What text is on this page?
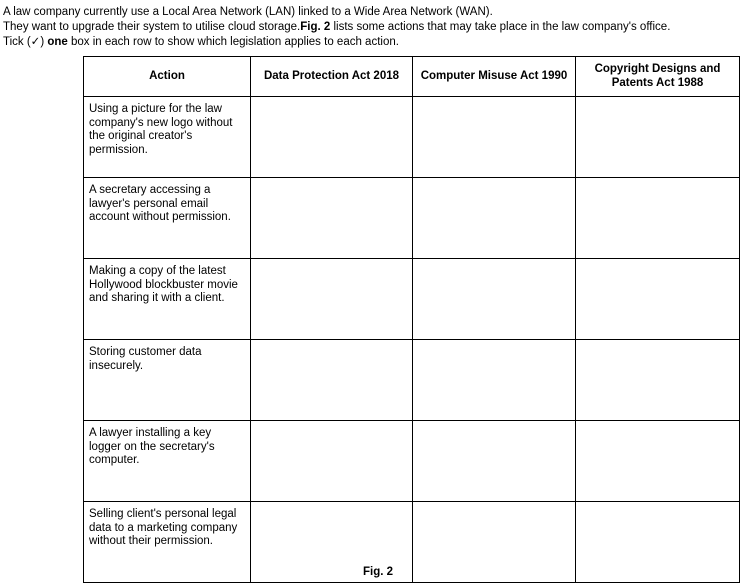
A law company currently use a Local Area Network (LAN) linked to a Wide Area Network (WAN).

They want to upgrade their system to utilise cloud storage.Fig. 2 lists some actions that may take place in the law company's office.

Tick (✓) one box in each row to show which legislation applies to each action.

Action	Data Protection Act 2018	Computer Misuse Act 1990	Copyright Designs and Patents Act 1988
Using a picture for the law company's new logo without the original creator's permission.			
A secretary accessing a lawyer's personal email account without permission.			
Making a copy of the latest Hollywood blockbuster movie and sharing it with a client.			
Storing customer data insecurely.			
A lawyer installing a key logger on the secretary's computer.			
Selling client's personal legal data to a marketing company without their permission.			
Fig. 2
